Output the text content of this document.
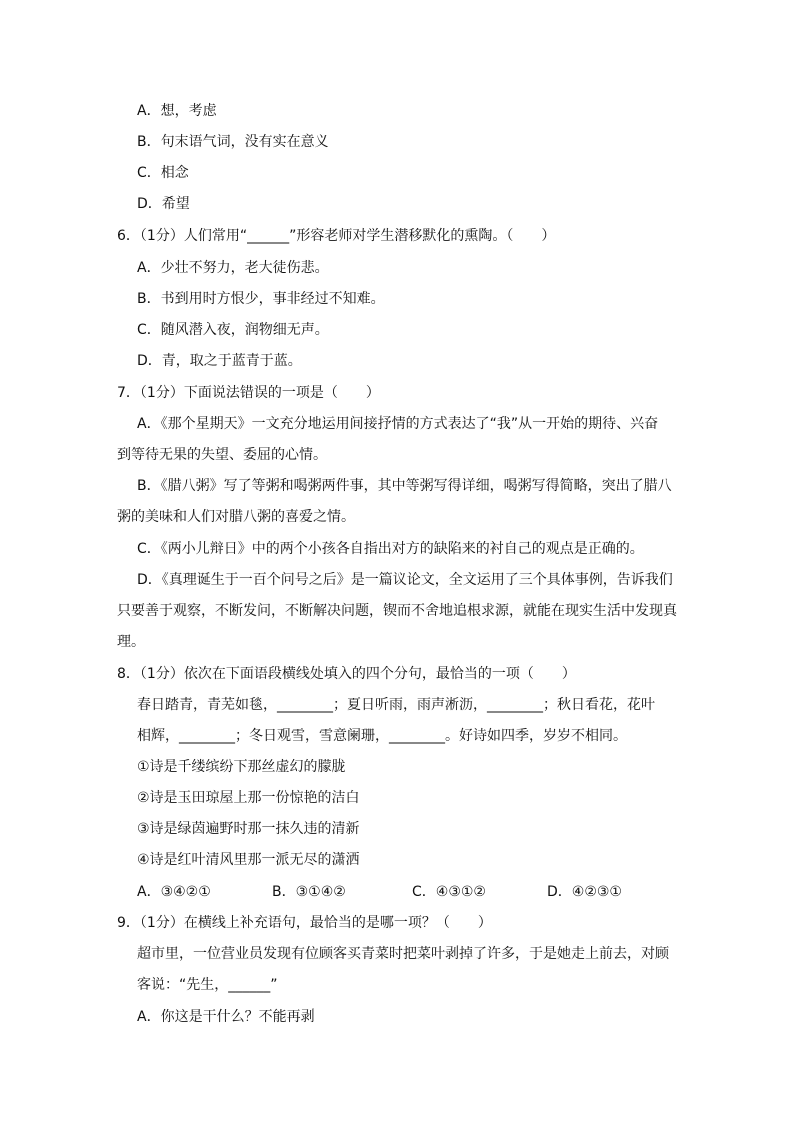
A．想，考虑
B．句末语气词，没有实在意义
C．相念
D．希望
6．（1分）人们常用“______”形容老师对学生潜移默化的熏陶。（　　）
A．少壮不努力，老大徒伤悲。
B．书到用时方恨少，事非经过不知难。
C．随风潜入夜，润物细无声。
D．青，取之于蓝青于蓝。
7．（1分）下面说法错误的一项是（　　）
A．《那个星期天》一文充分地运用间接抒情的方式表达了“我”从一开始的期待、兴奋
到等待无果的失望、委屈的心情。
B．《腊八粥》写了等粥和喝粥两件事，其中等粥写得详细，喝粥写得简略，突出了腊八
粥的美味和人们对腊八粥的喜爱之情。
C．《两小儿辩日》中的两个小孩各自指出对方的缺陷来的衬自己的观点是正确的。
D．《真理诞生于一百个问号之后》是一篇议论文，全文运用了三个具体事例，告诉我们
只要善于观察，不断发问，不断解决问题，锲而不舍地追根求源，就能在现实生活中发现真
理。
8．（1分）依次在下面语段横线处填入的四个分句，最恰当的一项（　　）
春日踏青，青芜如毯，________；夏日听雨，雨声淅沥，________；秋日看花，花叶
相辉，________；冬日观雪，雪意阑珊，________。好诗如四季，岁岁不相同。
①诗是千缕缤纷下那丝虚幻的朦胧
②诗是玉田琼屋上那一份惊艳的洁白
③诗是绿茵遍野时那一抹久违的清新
④诗是红叶清风里那一派无尽的潇洒
A．③④②①	B．③①④②	C．④③①②	D．④②③①
9．（1分）在横线上补充语句，最恰当的是哪一项？（　　）
超市里，一位营业员发现有位顾客买青菜时把菜叶剥掉了许多，于是她走上前去，对顾
客说：“先生，______”
A．你这是干什么？不能再剥
